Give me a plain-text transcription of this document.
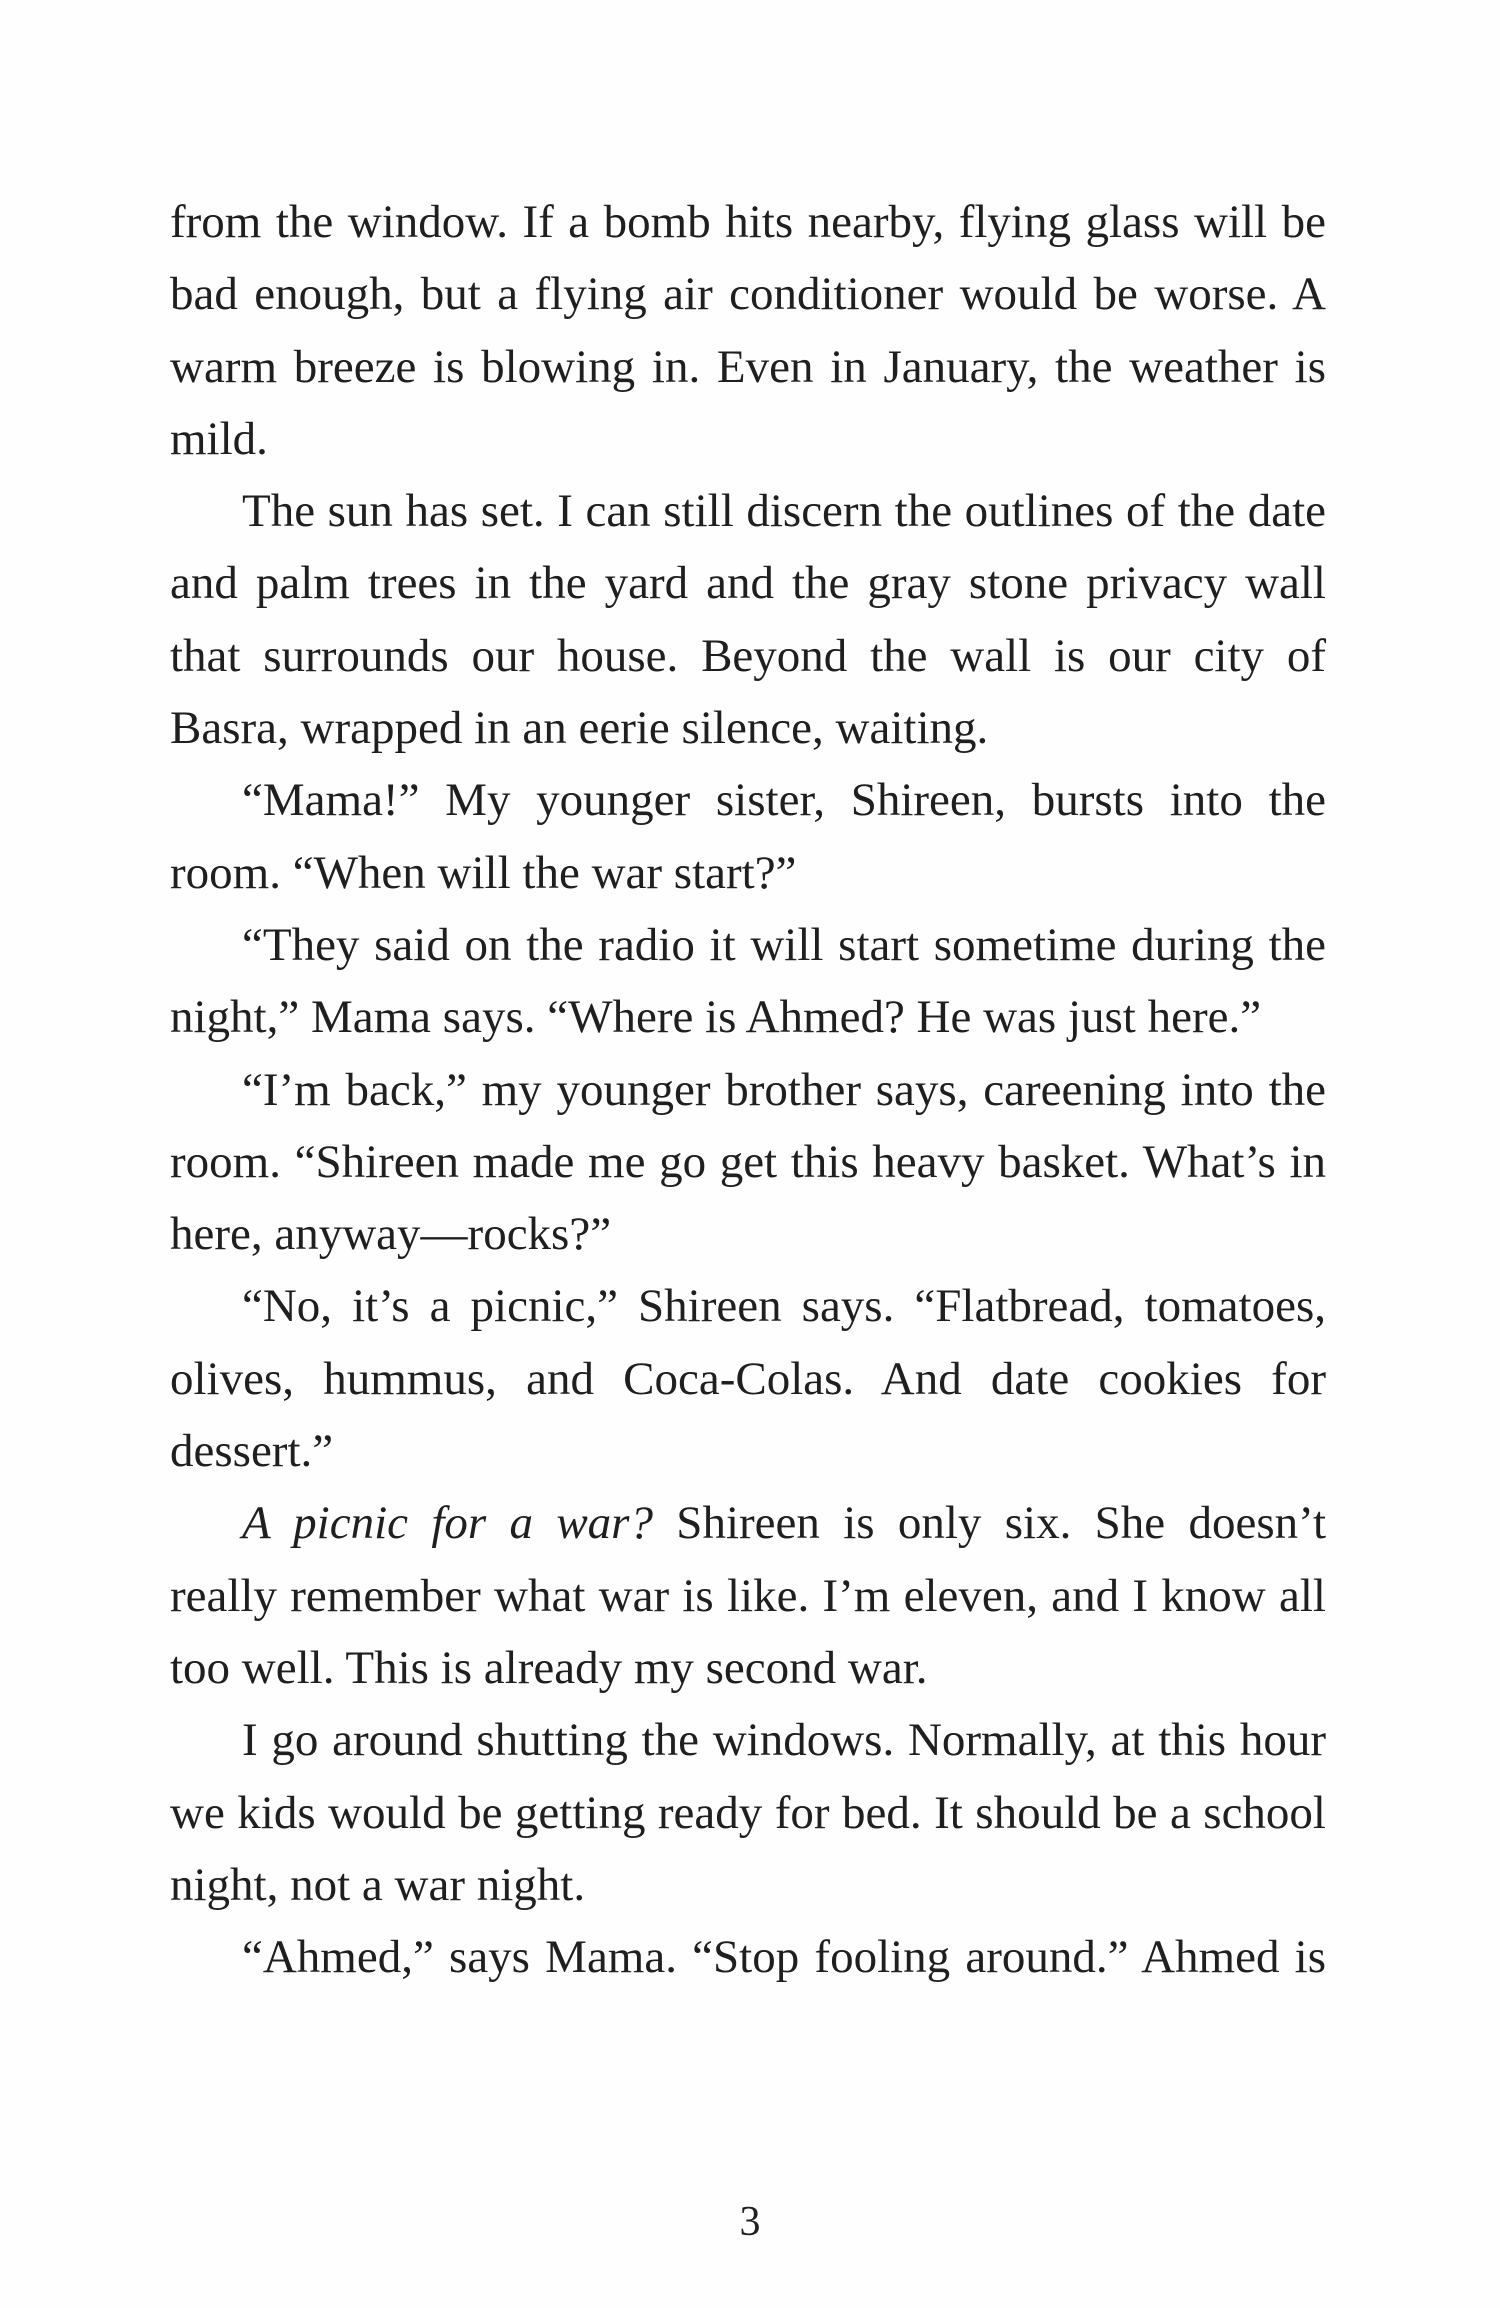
from the window. If a bomb hits nearby, flying glass will be bad enough, but a flying air conditioner would be worse. A warm breeze is blowing in. Even in January, the weather is mild.

The sun has set. I can still discern the outlines of the date and palm trees in the yard and the gray stone privacy wall that surrounds our house. Beyond the wall is our city of Basra, wrapped in an eerie silence, waiting.

“Mama!” My younger sister, Shireen, bursts into the room. “When will the war start?”

“They said on the radio it will start sometime during the night,” Mama says. “Where is Ahmed? He was just here.”

“I’m back,” my younger brother says, careening into the room. “Shireen made me go get this heavy basket. What’s in here, anyway—rocks?”

“No, it’s a picnic,” Shireen says. “Flatbread, tomatoes, olives, hummus, and Coca-Colas. And date cookies for dessert.”

A picnic for a war? Shireen is only six. She doesn’t really remember what war is like. I’m eleven, and I know all too well. This is already my second war.

I go around shutting the windows. Normally, at this hour we kids would be getting ready for bed. It should be a school night, not a war night.

“Ahmed,” says Mama. “Stop fooling around.” Ahmed is

3
